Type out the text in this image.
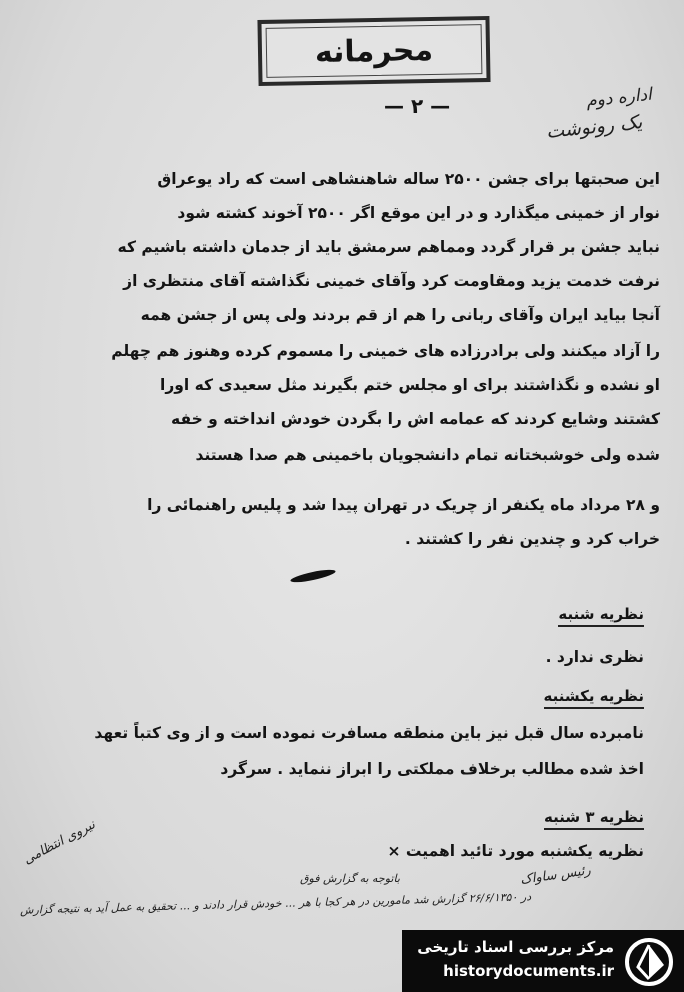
محرمانه
— ۲ —	اداره دوم
یک رونوشت
این صحبتها برای جشن ۲۵۰۰ ساله شاهنشاهی است که راد یوعراق
نوار از خمینی میگذارد و در این موقع اگر ۲۵۰۰ آخوند کشته شود
نباید جشن بر قرار گردد ومماهم سرمشق باید از جدمان داشته باشیم که
نرفت خدمت یزید ومقاومت کرد وآقای خمینی نگذاشته آقای منتظری از
آنجا بیاید ایران وآقای ربانی را هم از قم بردند ولی پس از جشن همه
را آزاد میکنند ولی برادرزاده های خمینی را مسموم کرده وهنوز هم چهلم
او نشده و نگذاشتند برای او مجلس ختم بگیرند مثل سعیدی که اورا
کشتند وشایع کردند که عمامه اش را بگردن خودش انداخته و خفه
شده ولی خوشبختانه تمام دانشجویان باخمینی هم صدا هستند
و ۲۸ مرداد ماه یکنفر از چریک در تهران پیدا شد و پلیس راهنمائی را
خراب کرد و چندین نفر را کشتند .
نظریه شنبه
نظری ندارد .
نظریه یکشنبه
نامبرده سال قبل نیز باین منطقه مسافرت نموده است و از وی کتباً تعهد
اخذ شده مطالب برخلاف مملکتی را ابراز ننماید . سرگرد
نظریه ۳ شنبه
نظریه یکشنبه مورد تائید اهمیت ×
نیروی انتظامی
باتوجه به گزارش فوق
در ۲۶/۶/۱۳۵۰ گزارش شد مامورین در هر کجا با هر ... خودش قرار دادند و ... تحقیق به عمل آید به نتیجه گزارش
رئیس ساواک
مرکز بررسی اسناد تاریخی
historydocuments.ir
